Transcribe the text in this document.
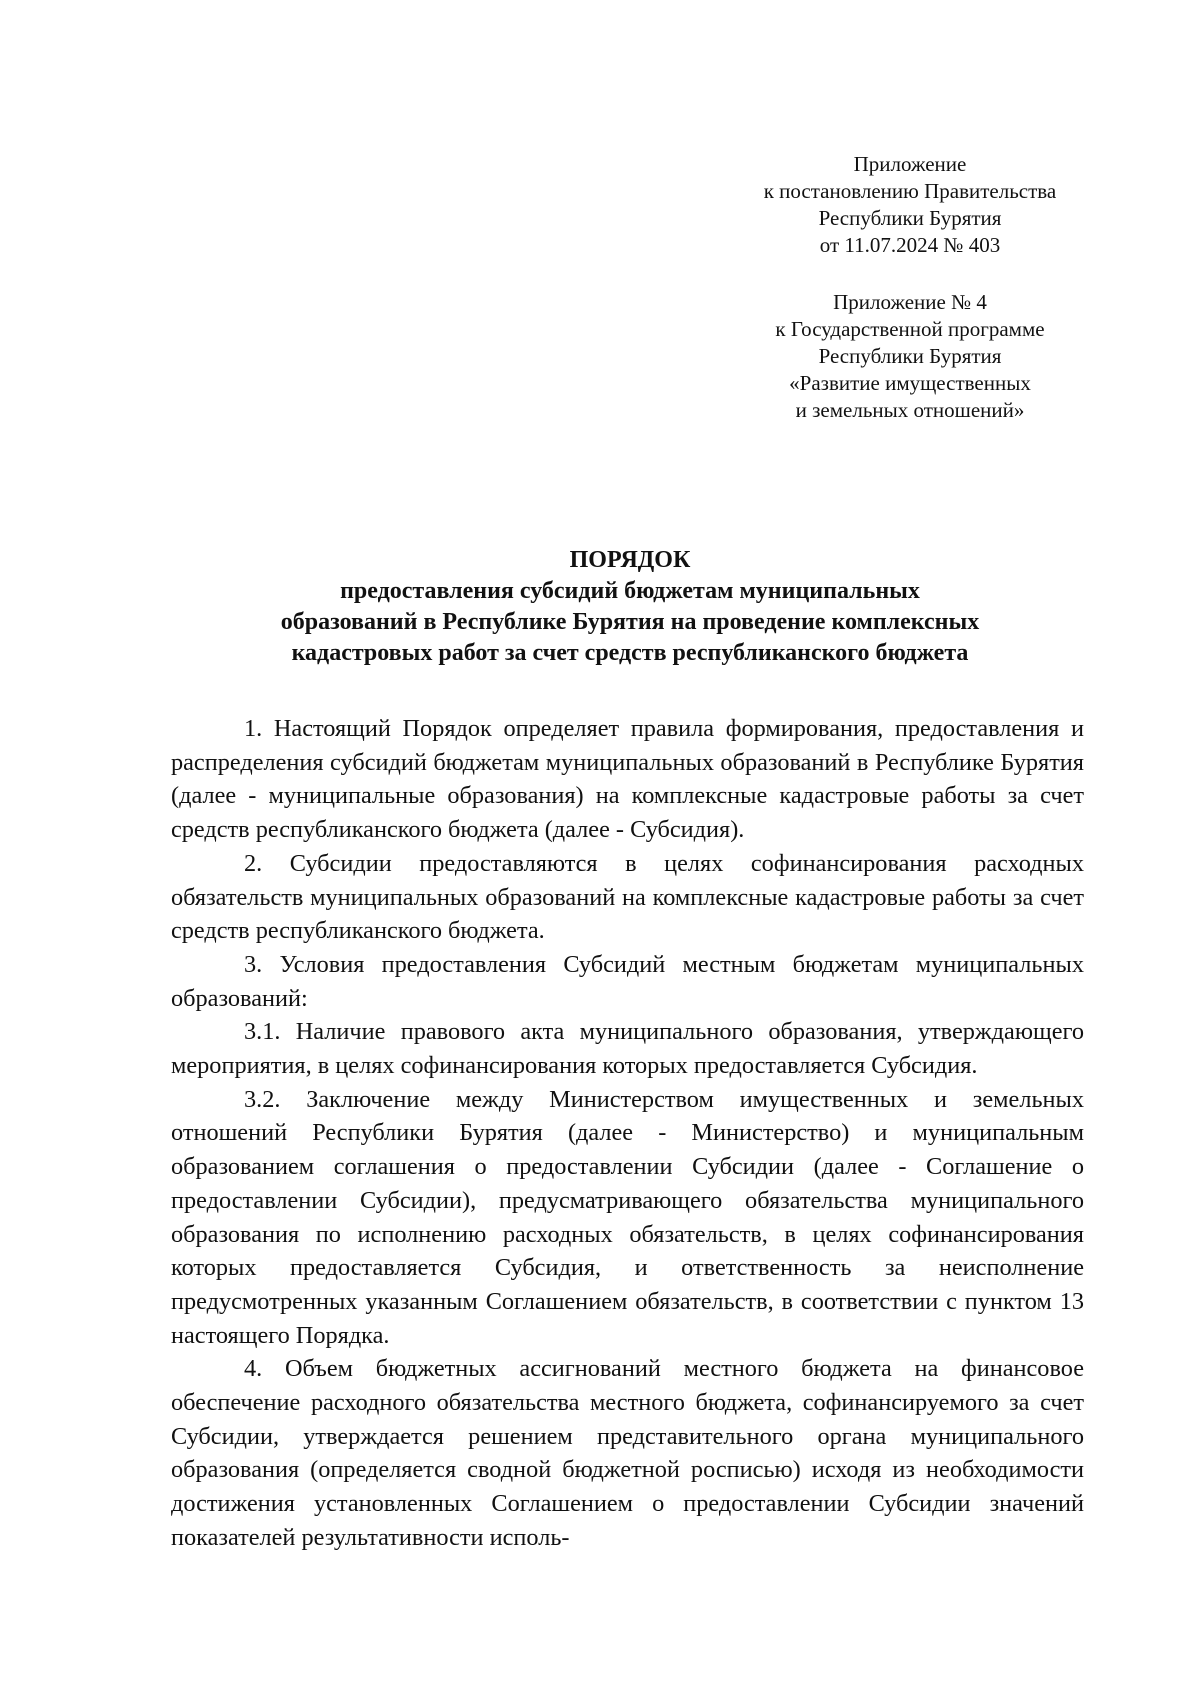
Приложение
к постановлению Правительства
Республики Бурятия
от 11.07.2024 № 403
Приложение № 4
к Государственной программе
Республики Бурятия
«Развитие имущественных
и земельных отношений»
ПОРЯДОК
предоставления субсидий бюджетам муниципальных
образований в Республике Бурятия на проведение комплексных
кадастровых работ за счет средств республиканского бюджета

1. Настоящий Порядок определяет правила формирования, предоставления и распределения субсидий бюджетам муниципальных образований в Республике Бурятия (далее - муниципальные образования) на комплексные кадастровые работы за счет средств республиканского бюджета (далее - Субсидия).

2. Субсидии предоставляются в целях софинансирования расходных обязательств муниципальных образований на комплексные кадастровые работы за счет средств республиканского бюджета.

3. Условия предоставления Субсидий местным бюджетам муниципальных образований:

3.1. Наличие правового акта муниципального образования, утверждающего мероприятия, в целях софинансирования которых предоставляется Субсидия.

3.2. Заключение между Министерством имущественных и земельных отношений Республики Бурятия (далее - Министерство) и муниципальным образованием соглашения о предоставлении Субсидии (далее - Соглашение о предоставлении Субсидии), предусматривающего обязательства муниципального образования по исполнению расходных обязательств, в целях софинансирования которых предоставляется Субсидия, и ответственность за неисполнение предусмотренных указанным Соглашением обязательств, в соответствии с пунктом 13 настоящего Порядка.

4. Объем бюджетных ассигнований местного бюджета на финансовое обеспечение расходного обязательства местного бюджета, софинансируемого за счет Субсидии, утверждается решением представительного органа муниципального образования (определяется сводной бюджетной росписью) исходя из необходимости достижения установленных Соглашением о предоставлении Субсидии значений показателей результативности исполь-
